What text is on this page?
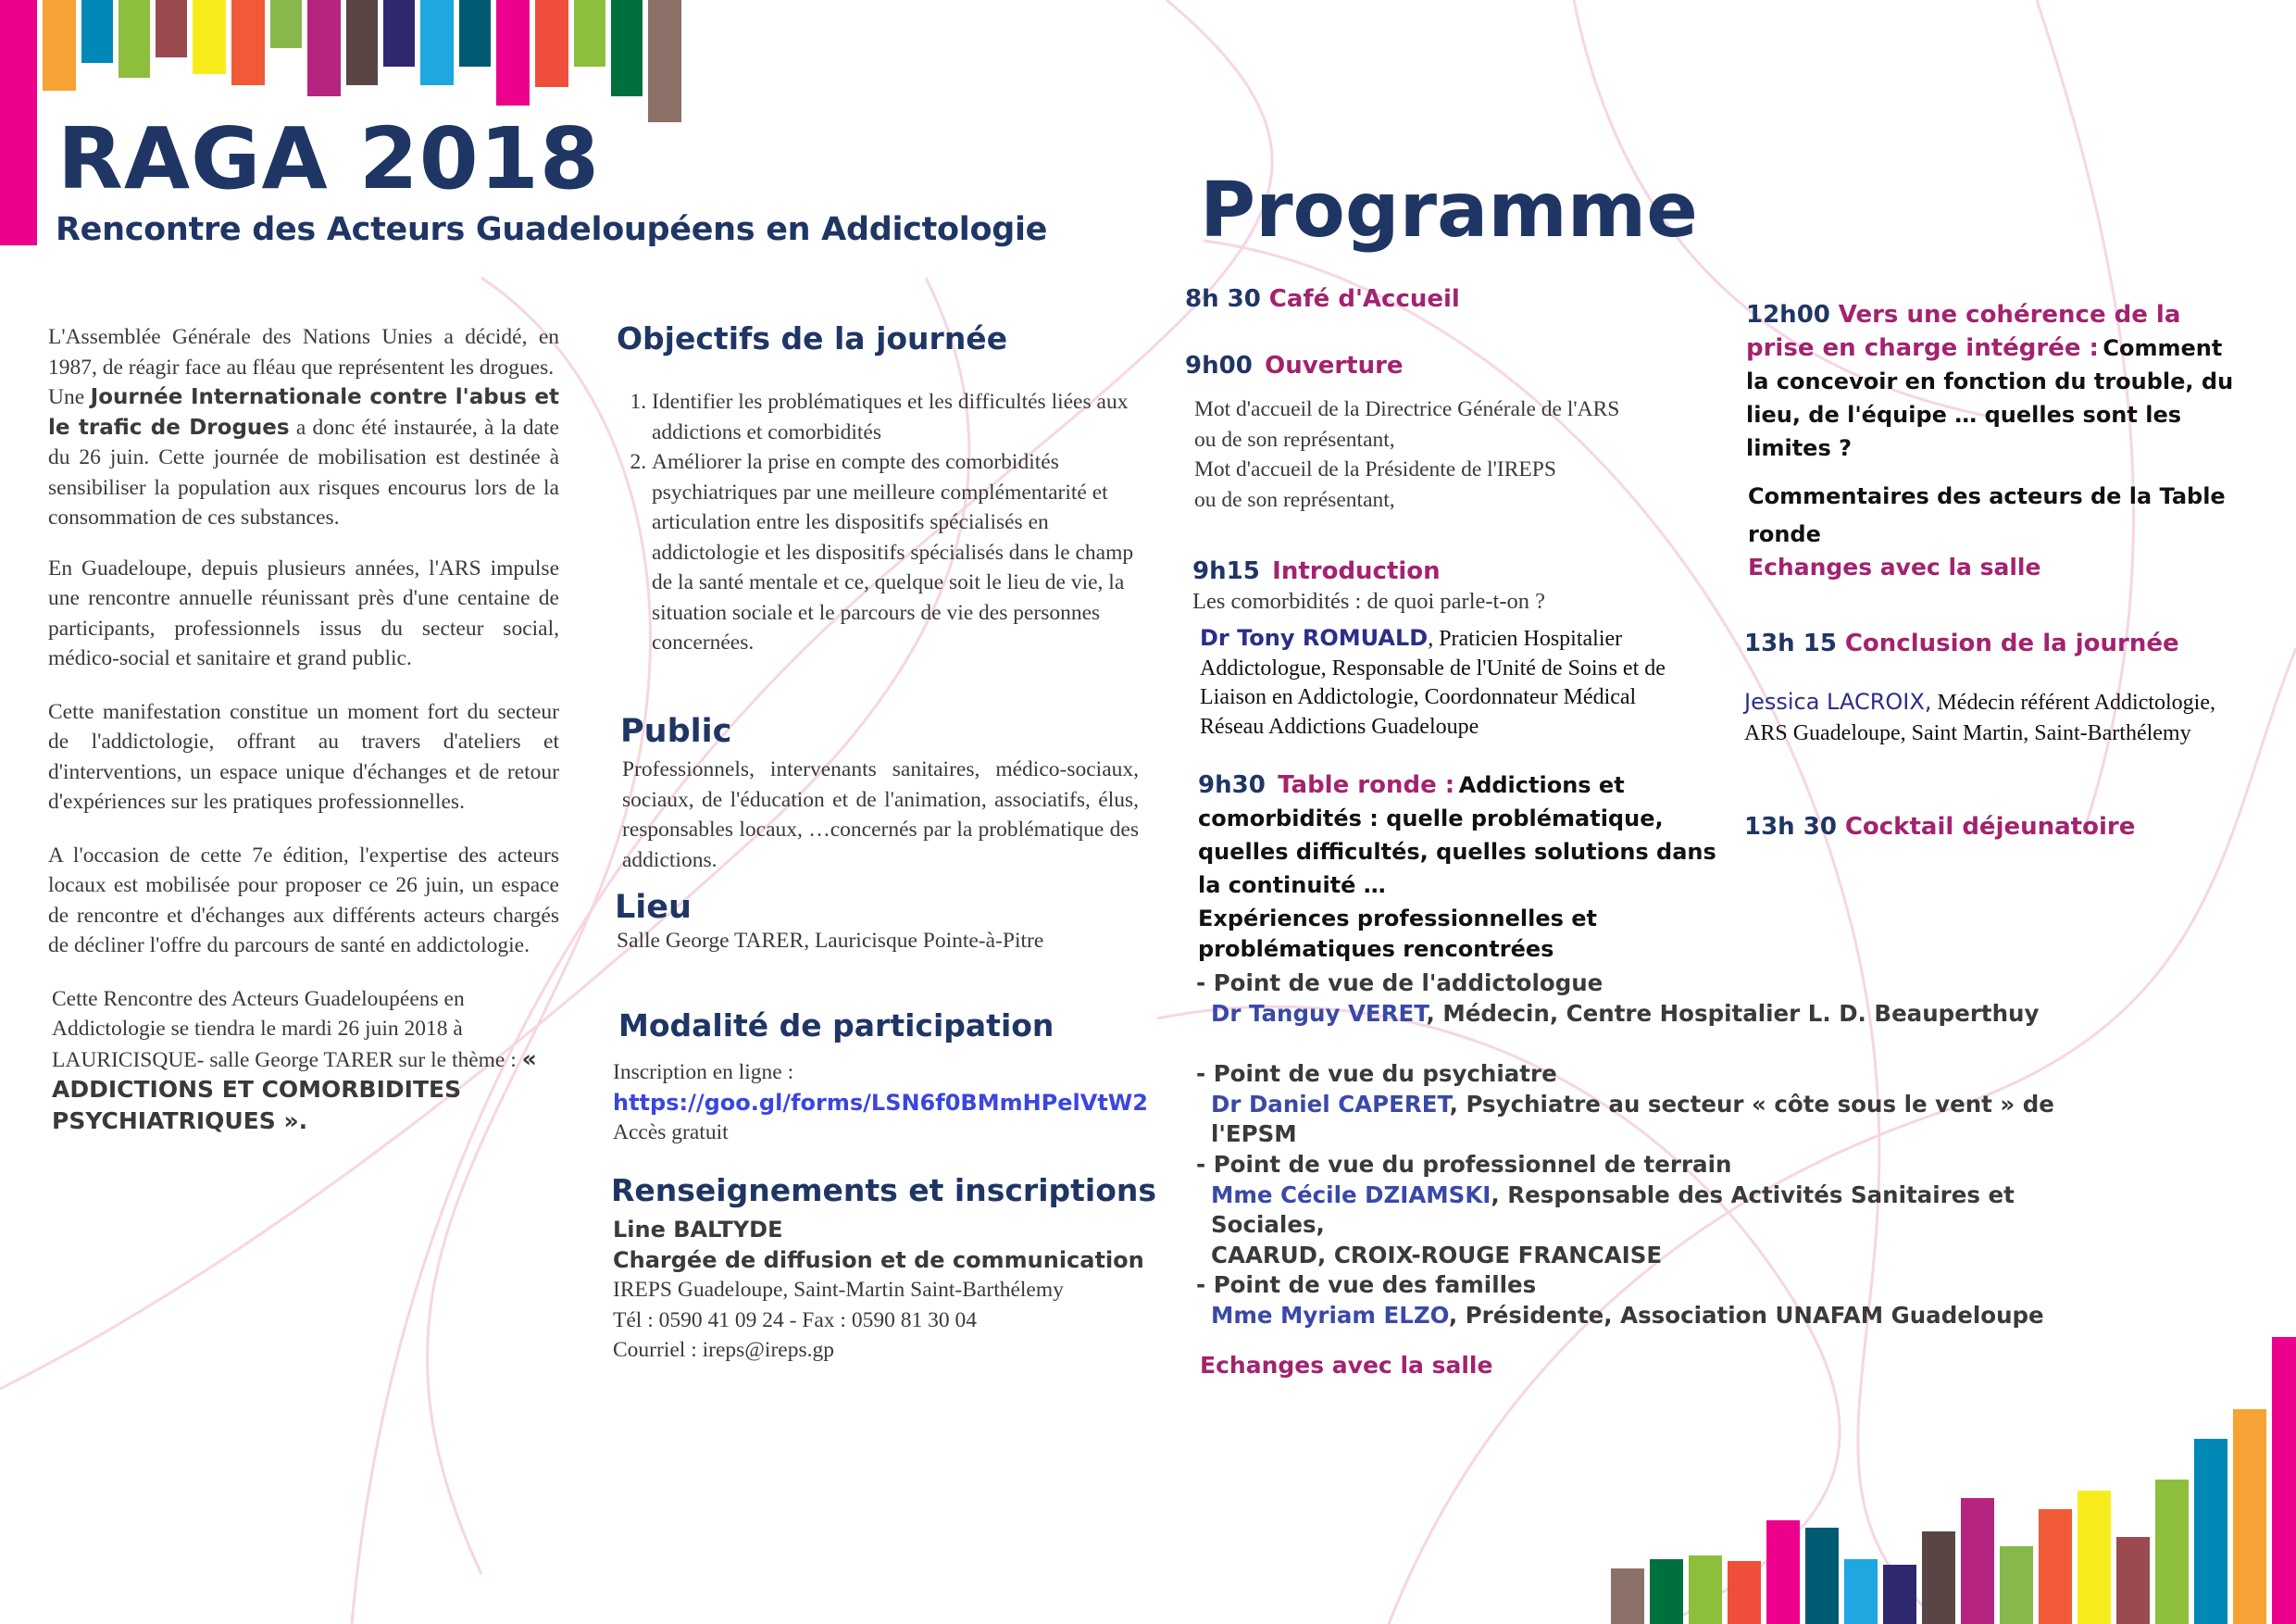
RAGA 2018
Rencontre des Acteurs Guadeloupéens en Addictologie Programme

L'Assemblée Générale des Nations Unies a décidé, en 1987, de réagir face au fléau que représentent les drogues.

Une Journée Internationale contre l'abus et le trafic de Drogues a donc été instaurée, à la date du 26 juin. Cette journée de mobilisation est destinée à sensibiliser la population aux risques encourus lors de la consommation de ces substances.

En Guadeloupe, depuis plusieurs années, l'ARS impulse une rencontre annuelle réunissant près d'une centaine de participants, professionnels issus du secteur social, médico-social et sanitaire et grand public.

Cette manifestation constitue un moment fort du secteur de l'addictologie, offrant au travers d'ateliers et d'interventions, un espace unique d'échanges et de retour d'expériences sur les pratiques professionnelles.

A l'occasion de cette 7e édition, l'expertise des acteurs locaux est mobilisée pour proposer ce 26 juin, un espace de rencontre et d'échanges aux différents acteurs chargés de décliner l'offre du parcours de santé en addictologie.

Cette Rencontre des Acteurs Guadeloupéens en Addictologie se tiendra le mardi 26 juin 2018 à LAURICISQUE- salle George TARER sur le thème : « ADDICTIONS ET COMORBIDITES PSYCHIATRIQUES ».

Objectifs de la journée
1. Identifier les problématiques et les difficultés liées aux addictions et comorbidités
2. Améliorer la prise en compte des comorbidités psychiatriques par une meilleure complémentarité et articulation entre les dispositifs spécialisés en addictologie et les dispositifs spécialisés dans le champ de la santé mentale et ce, quelque soit le lieu de vie, la situation sociale et le parcours de vie des personnes concernées.
Public
Professionnels, intervenants sanitaires, médico-sociaux, sociaux, de l'éducation et de l'animation, associatifs, élus, responsables locaux, …concernés par la problématique des addictions.
Lieu
Salle George TARER, Lauricisque Pointe-à-Pitre
Modalité de participation
Inscription en ligne :
https://goo.gl/forms/LSN6f0BMmHPelVtW2
Accès gratuit
Renseignements et inscriptions
Line BALTYDE
Chargée de diffusion et de communication
IREPS Guadeloupe, Saint-Martin Saint-Barthélemy
Tél : 0590 41 09 24 - Fax : 0590 81 30 04
Courriel : ireps@ireps.gp
8h 30 Café d'Accueil
9h00 Ouverture
Mot d'accueil de la Directrice Générale de l'ARS
ou de son représentant,
Mot d'accueil de la Présidente de l'IREPS
ou de son représentant,
9h15 Introduction
Les comorbidités : de quoi parle-t-on ?
Dr Tony ROMUALD, Praticien Hospitalier Addictologue, Responsable de l'Unité de Soins et de Liaison en Addictologie, Coordonnateur Médical Réseau Addictions Guadeloupe
9h30 Table ronde : Addictions et comorbidités : quelle problématique, quelles difficultés, quelles solutions dans la continuité …
Expériences professionnelles et problématiques rencontrées
- Point de vue de l'addictologue
Dr Tanguy VERET, Médecin, Centre Hospitalier L. D. Beauperthuy
- Point de vue du psychiatre
Dr Daniel CAPERET, Psychiatre au secteur « côte sous le vent » de l'EPSM
- Point de vue du professionnel de terrain
Mme Cécile DZIAMSKI, Responsable des Activités Sanitaires et Sociales,
CAARUD, CROIX-ROUGE FRANCAISE
- Point de vue des familles
Mme Myriam ELZO, Présidente, Association UNAFAM Guadeloupe
Echanges avec la salle
12h00 Vers une cohérence de la prise en charge intégrée : Comment la concevoir en fonction du trouble, du lieu, de l'équipe … quelles sont les limites ?
Commentaires des acteurs de la Table ronde
Echanges avec la salle
13h 15 Conclusion de la journée
Jessica LACROIX, Médecin référent Addictologie, ARS Guadeloupe, Saint Martin, Saint-Barthélemy
13h 30 Cocktail déjeunatoire
